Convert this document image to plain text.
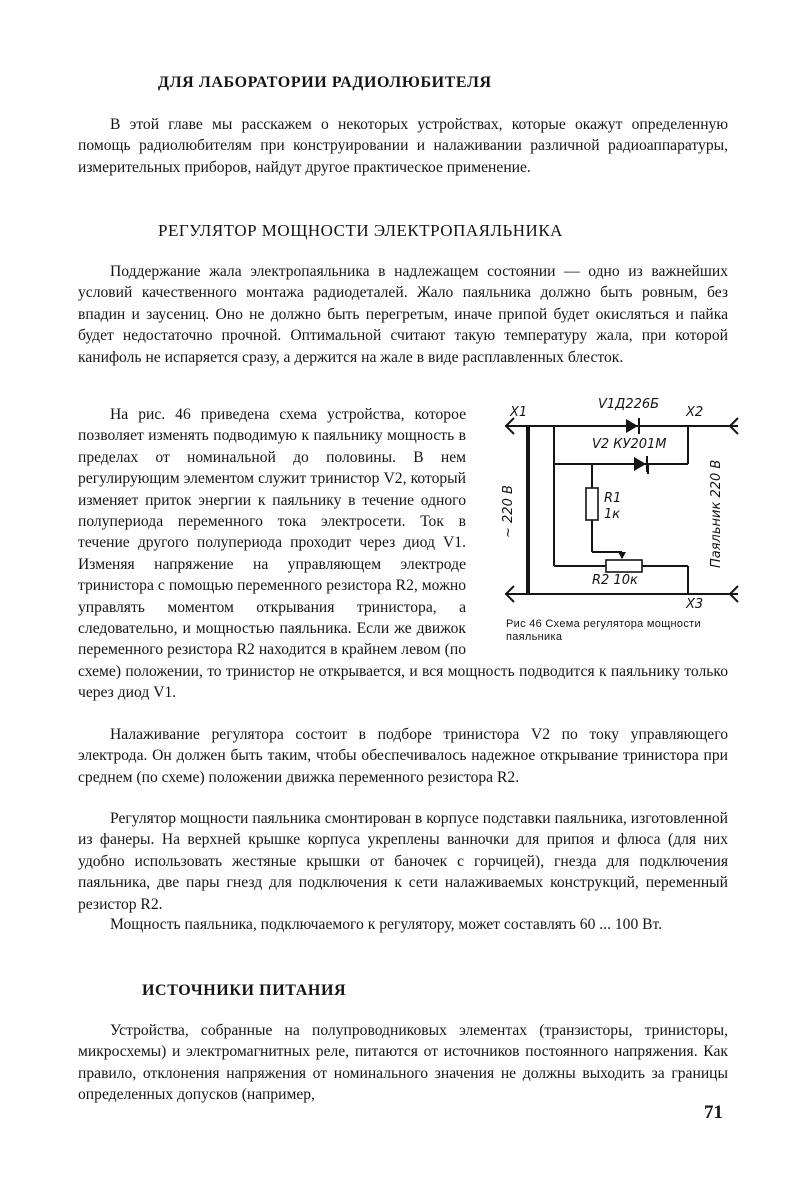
ДЛЯ ЛАБОРАТОРИИ РАДИОЛЮБИТЕЛЯ

В этой главе мы расскажем о некоторых устройствах, которые окажут определенную помощь радиолюбителям при конструировании и налаживании различной радиоаппаратуры, измерительных приборов, найдут другое практическое применение.

РЕГУЛЯТОР МОЩНОСТИ ЭЛЕКТРОПАЯЛЬНИКА

Поддержание жала электропаяльника в надлежащем состоянии — одно из важнейших условий качественного монтажа радиодеталей. Жало паяльника должно быть ровным, без впадин и заусениц. Оно не должно быть перегретым, иначе припой будет окисляться и пайка будет недостаточно прочной. Оптимальной считают такую температуру жала, при которой канифоль не испаряется сразу, а держится на жале в виде расплавленных блесток.

На рис. 46 приведена схема устройства, которое позволяет изменять подводимую к паяльнику мощность в пределах от номинальной до половины. В нем регулирующим элементом служит тринистор V2, который изменяет приток энергии к паяльнику в течение одного полупериода переменного тока электросети. Ток в течение другого полупериода проходит через диод V1. Изменяя напряжение на управляющем электроде тринистора с помощью переменного резистора R2, можно управлять моментом открывания тринистора, а следовательно, и мощностью паяльника. Если же движок переменного резистора R2 находится в крайнем левом (по схеме) положении, то тринистор не открывается, и вся мощность подводится к паяльнику только через диод V1.

Налаживание регулятора состоит в подборе тринистора V2 по току управляющего электрода. Он должен быть таким, чтобы обеспечивалось надежное открывание тринистора при среднем (по схеме) положении движка переменного резистора R2.

Регулятор мощности паяльника смонтирован в корпусе подставки паяльника, изготовленной из фанеры. На верхней крышке корпуса укреплены ванночки для припоя и флюса (для них удобно использовать жестяные крышки от баночек с горчицей), гнезда для подключения паяльника, две пары гнезд для подключения к сети налаживаемых конструкций, переменный резистор R2.

Мощность паяльника, подключаемого к регулятору, может составлять 60 ... 100 Вт.

ИСТОЧНИКИ ПИТАНИЯ

Устройства, собранные на полупроводниковых элементах (транзисторы, тринисторы, микросхемы) и электромагнитных реле, питаются от источников постоянного напряжения. Как правило, отклонения напряжения от номинального значения не должны выходить за границы определенных допусков (например,

X1	X2
X3
V1Д226Б
V2 КУ201М
R1
1к
R2 10к
~ 220 В	Паяльник 220 В

Рис 46 Схема регулятора мощности паяльника

71
